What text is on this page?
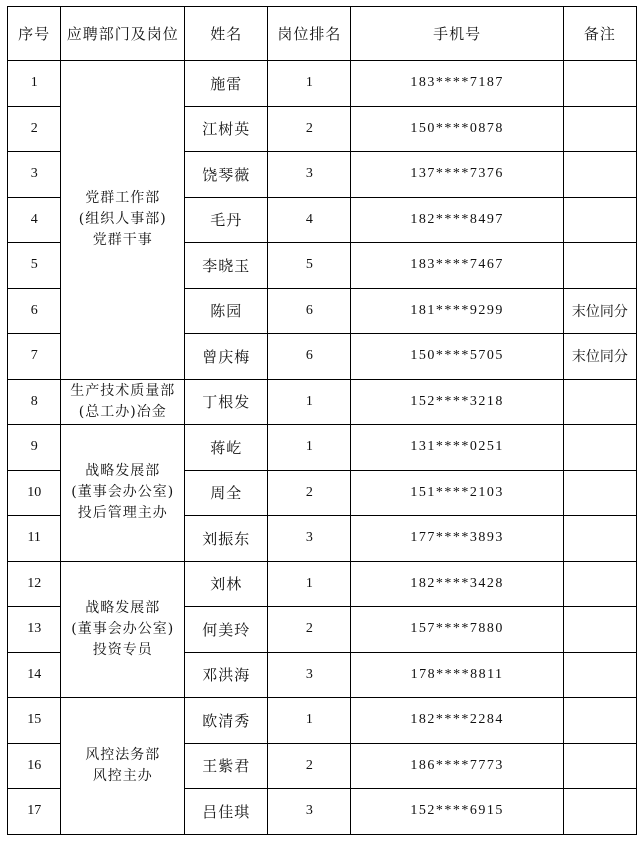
序号	应聘部门及岗位	姓名	岗位排名	手机号	备注
1	党群工作部
(组织人事部)
党群干事	施雷	1	183****7187	
2		江树英	2	150****0878	
3		饶琴薇	3	137****7376	
4		毛丹	4	182****8497	
5		李晓玉	5	183****7467	
6		陈园	6	181****9299	末位同分
7		曾庆梅	6	150****5705	末位同分
8	生产技术质量部
(总工办)冶金	丁根发	1	152****3218	
9	战略发展部
(董事会办公室)
投后管理主办	蒋屹	1	131****0251	
10		周全	2	151****2103	
11		刘振东	3	177****3893	
12	战略发展部
(董事会办公室)
投资专员	刘林	1	182****3428	
13		何美玲	2	157****7880	
14		邓洪海	3	178****8811	
15	风控法务部
风控主办	欧清秀	1	182****2284	
16		王紫君	2	186****7773	
17		吕佳琪	3	152****6915	
